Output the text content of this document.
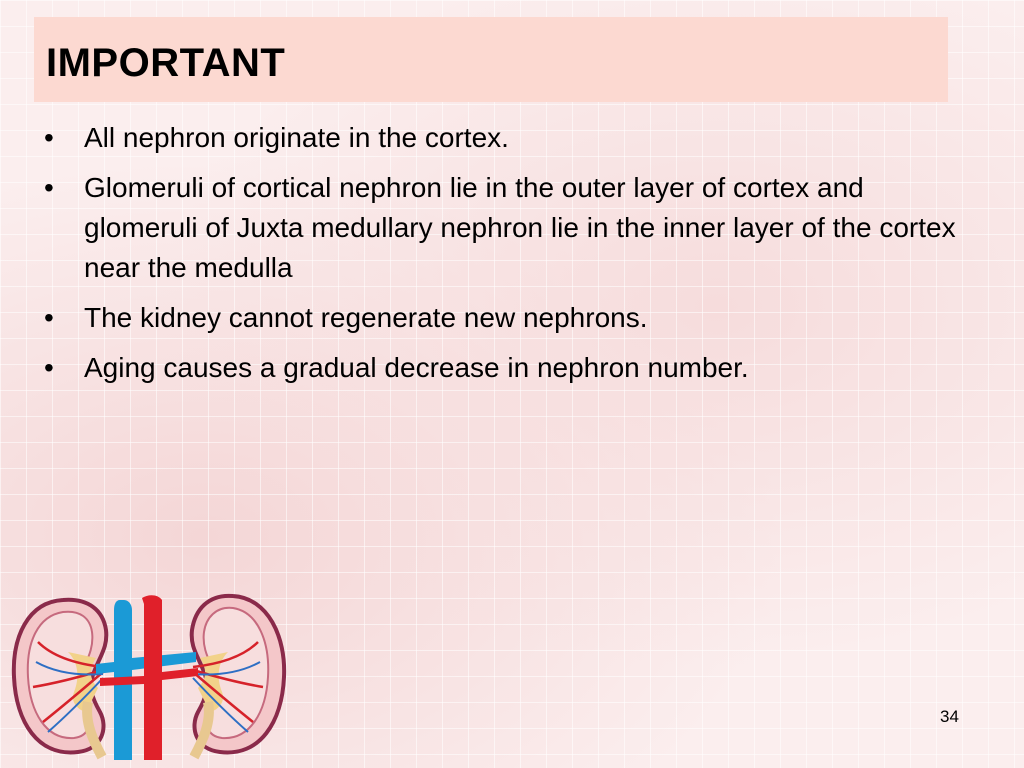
IMPORTANT
•	All nephron originate in the cortex.
•	Glomeruli of cortical nephron lie in the outer layer of cortex and glomeruli of Juxta medullary nephron lie in the inner layer of the cortex near the medulla
•	The kidney cannot regenerate new nephrons.
•	Aging causes a gradual decrease in nephron number.
34
